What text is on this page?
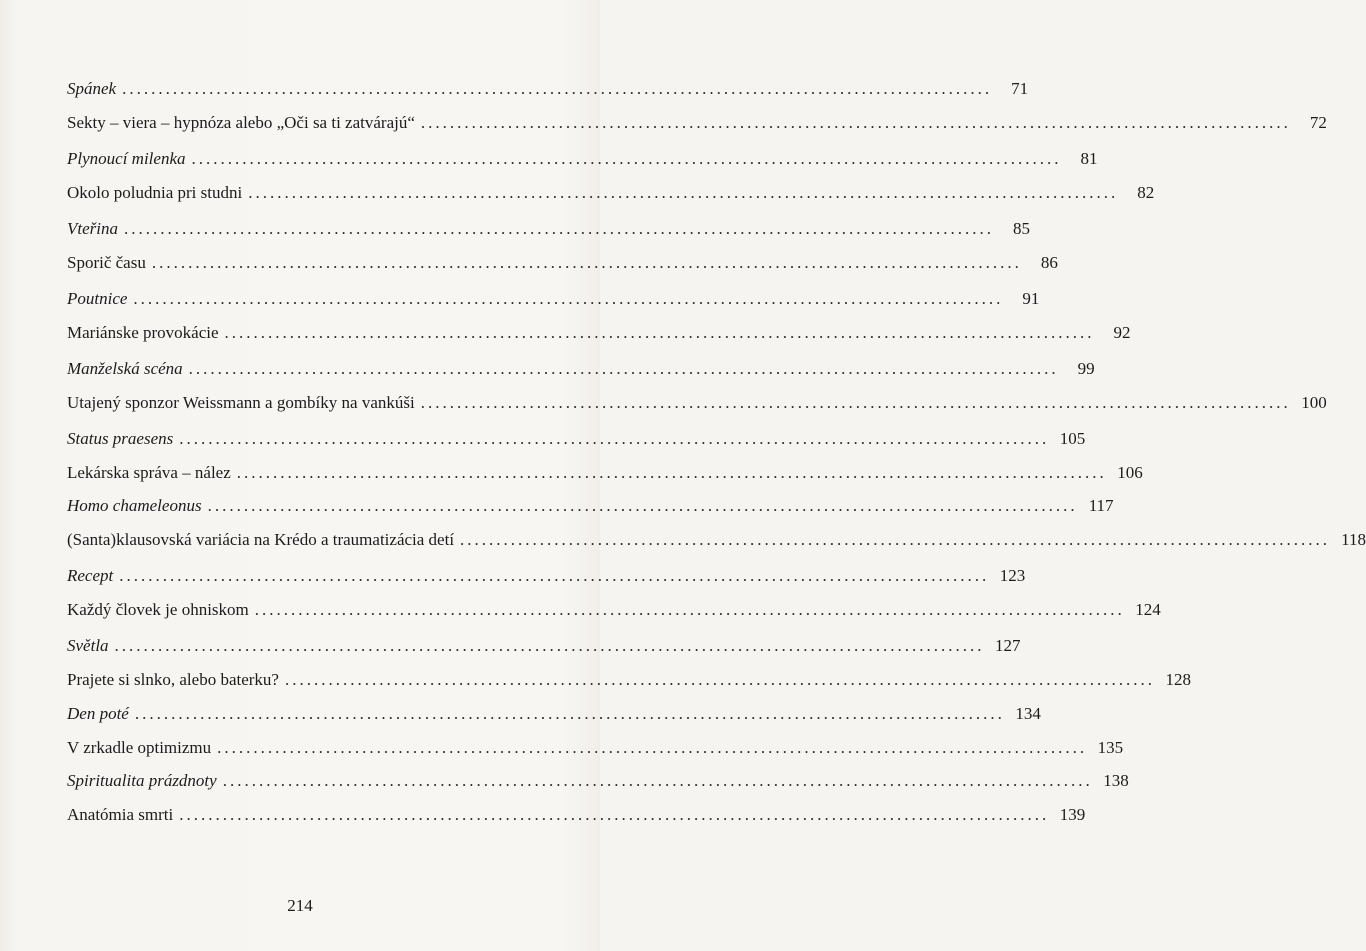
Spánek ........................................................................................................................	71
Sekty – viera – hypnóza alebo „Oči sa ti zatvárajú“ ........................................................................................................................	72
Plynoucí milenka ........................................................................................................................	81
Okolo poludnia pri studni ........................................................................................................................	82
Vteřina ........................................................................................................................	85
Sporič času ........................................................................................................................	86
Poutnice ........................................................................................................................	91
Mariánske provokácie ........................................................................................................................	92
Manželská scéna ........................................................................................................................	99
Utajený sponzor Weissmann a gombíky na vankúši ........................................................................................................................ 100
Status praesens ........................................................................................................................ 105
Lekárska správa – nález ........................................................................................................................ 106
Homo chameleonus ........................................................................................................................ 117
(Santa)klausovská variácia na Krédo a traumatizácia detí ........................................................................................................................ 118
Recept ........................................................................................................................ 123
Každý človek je ohniskom ........................................................................................................................ 124
Světla ........................................................................................................................ 127
Prajete si slnko, alebo baterku? ........................................................................................................................ 128
Den poté ........................................................................................................................ 134
V zrkadle optimizmu ........................................................................................................................ 135
Spiritualita prázdnoty ........................................................................................................................ 138
Anatómia smrti ........................................................................................................................ 139
214
